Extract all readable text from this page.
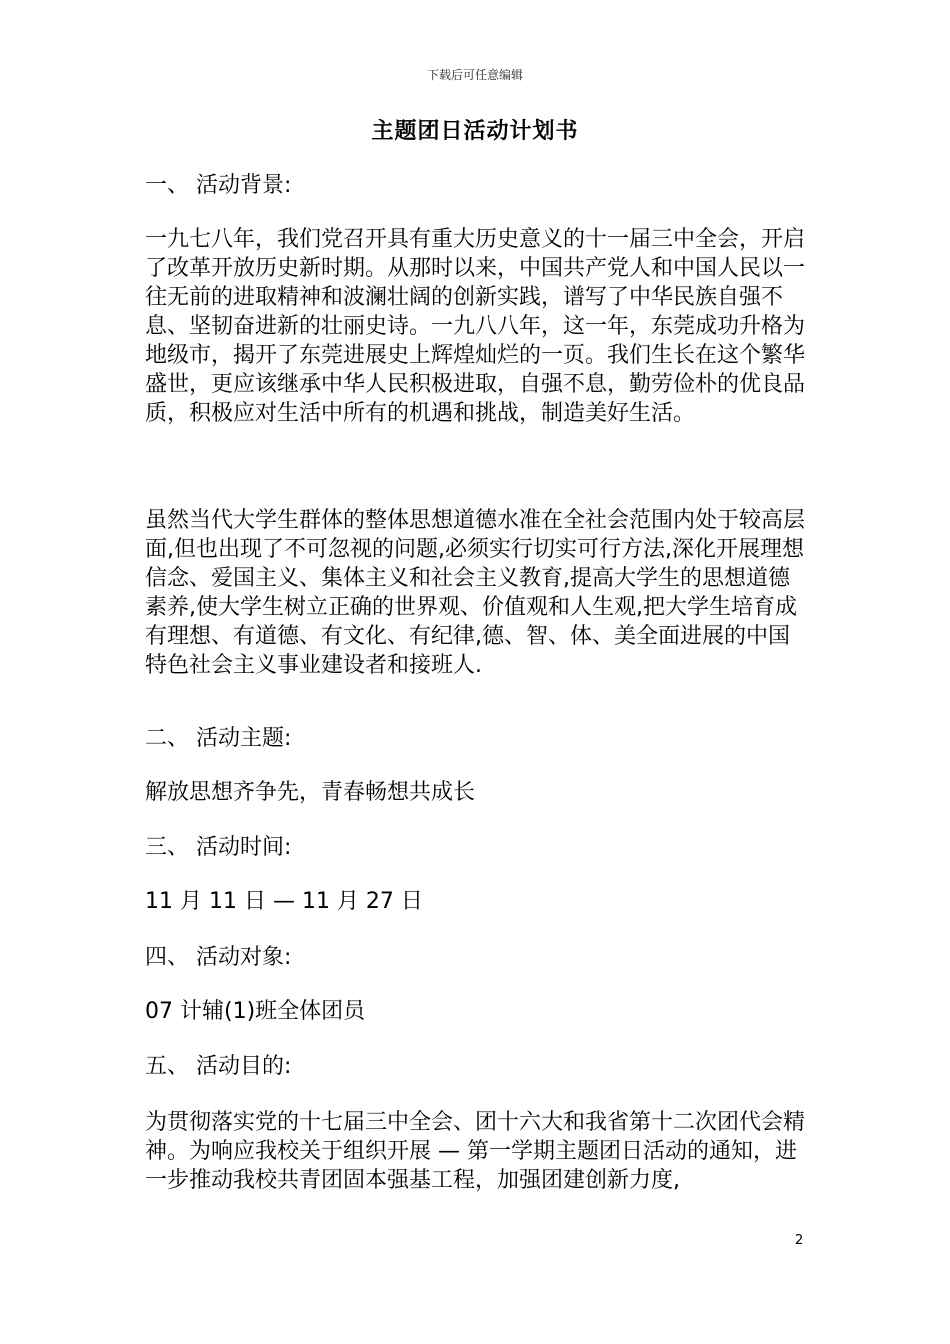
下载后可任意编辑
主题团日活动计划书

一、 活动背景:

一九七八年，我们党召开具有重大历史意义的十一届三中全会，开启了改革开放历史新时期。从那时以来，中国共产党人和中国人民以一往无前的进取精神和波澜壮阔的创新实践，谱写了中华民族自强不息、坚韧奋进新的壮丽史诗。一九八八年，这一年，东莞成功升格为地级市，揭开了东莞进展史上辉煌灿烂的一页。我们生长在这个繁华盛世，更应该继承中华人民积极进取，自强不息，勤劳俭朴的优良品质，积极应对生活中所有的机遇和挑战，制造美好生活。

虽然当代大学生群体的整体思想道德水准在全社会范围内处于较高层面,但也出现了不可忽视的问题,必须实行切实可行方法,深化开展理想信念、爱国主义、集体主义和社会主义教育,提高大学生的思想道德素养,使大学生树立正确的世界观、价值观和人生观,把大学生培育成有理想、有道德、有文化、有纪律,德、智、体、美全面进展的中国特色社会主义事业建设者和接班人.

二、 活动主题:

解放思想齐争先，青春畅想共成长

三、 活动时间:

11 月 11 日 — 11 月 27 日

四、 活动对象:

07 计辅(1)班全体团员

五、 活动目的:

为贯彻落实党的十七届三中全会、团十六大和我省第十二次团代会精神。为响应我校关于组织开展 — 第一学期主题团日活动的通知，进一步推动我校共青团固本强基工程，加强团建创新力度,

2
